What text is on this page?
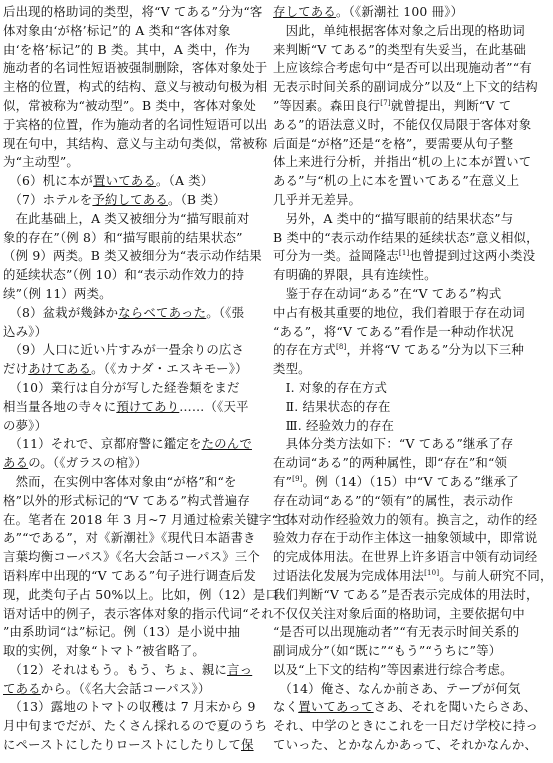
后出现的格助词的类型，将“V てある”分为“客
体对象由‘が格’标记”的 A 类和“客体对象
由‘を格’标记”的 B 类。其中，A 类中，作为
施动者的名词性短语被强制删除，客体对象处于
主格的位置，构式的结构、意义与被动句极为相
似，常被称为“被动型”。B 类中，客体对象处
于宾格的位置，作为施动者的名词性短语可以出
现在句中，其结构、意义与主动句类似，常被称
为“主动型”。
　（6）机に本が置いてある。（A 类）
　（7）ホテルを予約してある。（B 类）
　在此基础上，A 类又被细分为“描写眼前对
象的存在”（例 8）和“描写眼前的结果状态”
（例 9）两类。B 类又被细分为“表示动作结果
的延续状态”（例 10）和“表示动作效力的持
续”（例 11）两类。
　（8）盆栽が幾鉢かならべてあった。（《張
込み》）
　（9）人口に近い片すみが一畳余りの広さ
だけあけてある。（《カナダ・エスキモー》）
　（10）業行は自分が写した経巻類をまだ
相当量各地の寺々に預けてあり……（《天平
の夢》）
　（11）それで、京都府警に鑑定をたのんで
あるの。（《ガラスの棺》）
　然而，在实例中客体对象由“が格”和“を
格”以外的形式标记的“V てある”构式普遍存
在。笔者在 2018 年 3 月~7 月通过检索关键字“て
あ”“である”，对《新潮社》《現代日本語書き
言葉均衡コーパス》《名大会話コーパス》三个
语料库中出现的“V てある”句子进行调查后发
现，此类句子占 50%以上。比如，例（12）是口
语对话中的例子，表示客体对象的指示代词“それ
”由系助词“は”标记。例（13）是小说中抽
取的实例，对象“トマト”被省略了。
　（12）それはもう。もう、ちょ、親に言っ
てあるから。（《名大会話コーパス》）
　（13）露地のトマトの収穫は 7 月末から 9
月中旬までだが、たくさん採れるので夏のうち
にペーストにしたりローストにしたりして保
存してある。（《新潮社 100 冊》）
　因此，单纯根据客体对象之后出现的格助词
来判断“V てある”的类型有失妥当，在此基础
上应该综合考虑句中“是否可以出现施动者”“有
无表示时间关系的副词成分”以及“上下文的结构
”等因素。森田良行[7]就曾提出，判断“V て
ある”的语法意义时，不能仅仅局限于客体对象
后面是“が格”还是“を格”，要需要从句子整
体上来进行分析，并指出“机の上に本が置いて
ある”与“机の上に本を置いてある”在意义上
几乎并无差异。
　另外，A 类中的“描写眼前的结果状态”与
B 类中的“表示动作结果的延续状态”意义相似，
可分为一类。益岡隆志[1]也曾提到过这两小类没
有明确的界限，具有连续性。
　鉴于存在动词“ある”在“V てある”构式
中占有极其重要的地位，我们着眼于存在动词
“ある”，将“V てある”看作是一种动作状况
的存在方式[8]，并将“V てある”分为以下三种
类型。
　Ⅰ. 对象的存在方式
　Ⅱ. 结果状态的存在
　Ⅲ. 经验效力的存在
　具体分类方法如下：“V てある”继承了存
在动词“ある”的两种属性，即“存在”和“领
有”[9]。例（14）（15）中“V てある”继承了
存在动词“ある”的“领有”的属性，表示动作
主体对动作经验效力的领有。换言之，动作的经
验效力存在于动作主体这一抽象领域中，即常说
的完成体用法。在世界上许多语言中领有动词经
过语法化发展为完成体用法[10]。与前人研究不同，
我们判断“V てある”是否表示完成体的用法时，
不仅仅关注对象后面的格助词，主要依据句中
“是否可以出现施动者”“有无表示时间关系的
副词成分”（如“既に”“もう”“うちに”等）
以及“上下文的结构”等因素进行综合考虑。
　（14）俺さ、なんか前さあ、テープが何気
なく置いてあってさあ、それを聞いたらさあ、
それ、中学のときにこれを一日だけ学校に持っ
ていった、とかなんかあって、それかなんか、
